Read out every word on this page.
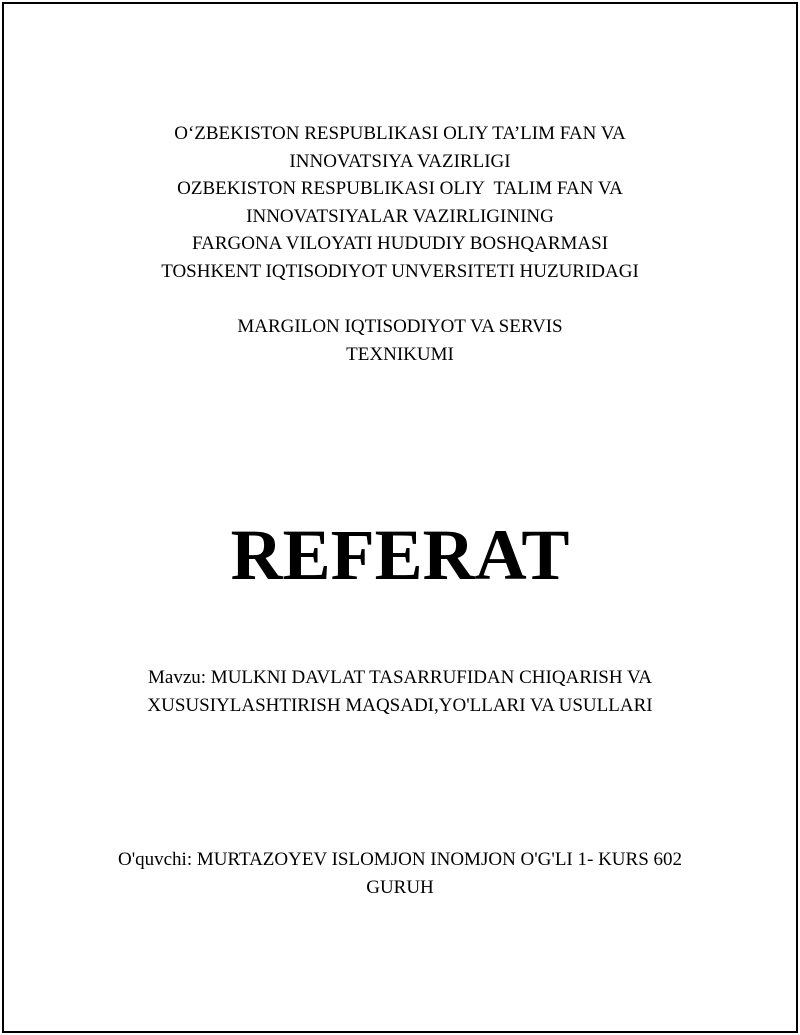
O‘ZBEKISTON RESPUBLIKASI OLIY TA’LIM FAN VA
INNOVATSIYA VAZIRLIGI
OZBEKISTON RESPUBLIKASI OLIY  TALIM FAN VA
INNOVATSIYALAR VAZIRLIGINING
FARGONA VILOYATI HUDUDIY BOSHQARMASI
TOSHKENT IQTISODIYOT UNVERSITETI HUZURIDAGI
MARGILON IQTISODIYOT VA SERVIS
TEXNIKUMI
REFERAT
Mavzu: MULKNI DAVLAT TASARRUFIDAN CHIQARISH VA
XUSUSIYLASHTIRISH MAQSADI,YO'LLARI VA USULLARI
O'quvchi: MURTAZOYEV ISLOMJON INOMJON O'G'LI 1- KURS 602
GURUH
